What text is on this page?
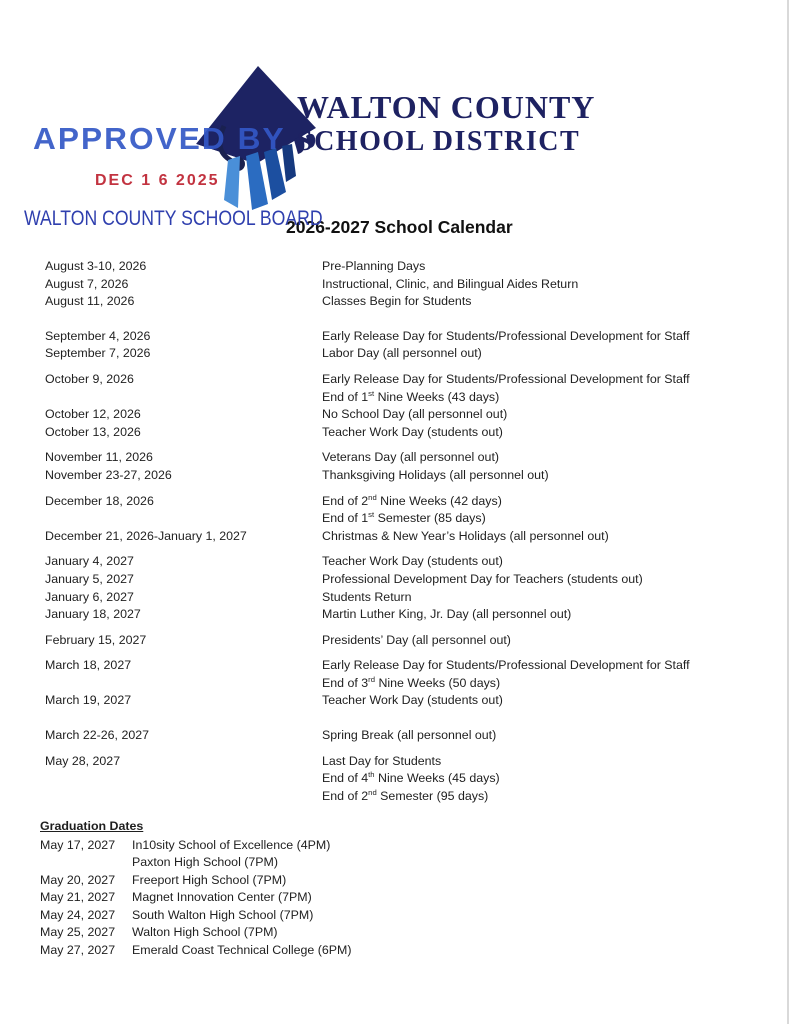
APPROVED BY
DEC 1 6 2025
WALTON COUNTY SCHOOL BOARD
WALTON COUNTY
SCHOOL DISTRICT
2026-2027 School Calendar
August 3-10, 2026	Pre-Planning Days
August 7, 2026	Instructional, Clinic, and Bilingual Aides Return
August 11, 2026	Classes Begin for Students
September 4, 2026	Early Release Day for Students/Professional Development for Staff
September 7, 2026	Labor Day (all personnel out)
October 9, 2026	Early Release Day for Students/Professional Development for Staff
End of 1st Nine Weeks (43 days)
October 12, 2026	No School Day (all personnel out)
October 13, 2026	Teacher Work Day (students out)
November 11, 2026	Veterans Day (all personnel out)
November 23-27, 2026	Thanksgiving Holidays (all personnel out)
December 18, 2026	End of 2nd Nine Weeks (42 days)
End of 1st Semester (85 days)
December 21, 2026-January 1, 2027	Christmas & New Year’s Holidays (all personnel out)
January 4, 2027	Teacher Work Day (students out)
January 5, 2027	Professional Development Day for Teachers (students out)
January 6, 2027	Students Return
January 18, 2027	Martin Luther King, Jr. Day (all personnel out)
February 15, 2027	Presidents’ Day (all personnel out)
March 18, 2027	Early Release Day for Students/Professional Development for Staff
End of 3rd Nine Weeks (50 days)
March 19, 2027	Teacher Work Day (students out)
March 22-26, 2027	Spring Break (all personnel out)
May 28, 2027	Last Day for Students
End of 4th Nine Weeks (45 days)
End of 2nd Semester (95 days)
Graduation Dates
May 17, 2027	In10sity School of Excellence (4PM)
Paxton High School (7PM)
May 20, 2027	Freeport High School (7PM)
May 21, 2027	Magnet Innovation Center (7PM)
May 24, 2027	South Walton High School (7PM)
May 25, 2027	Walton High School (7PM)
May 27, 2027	Emerald Coast Technical College (6PM)
